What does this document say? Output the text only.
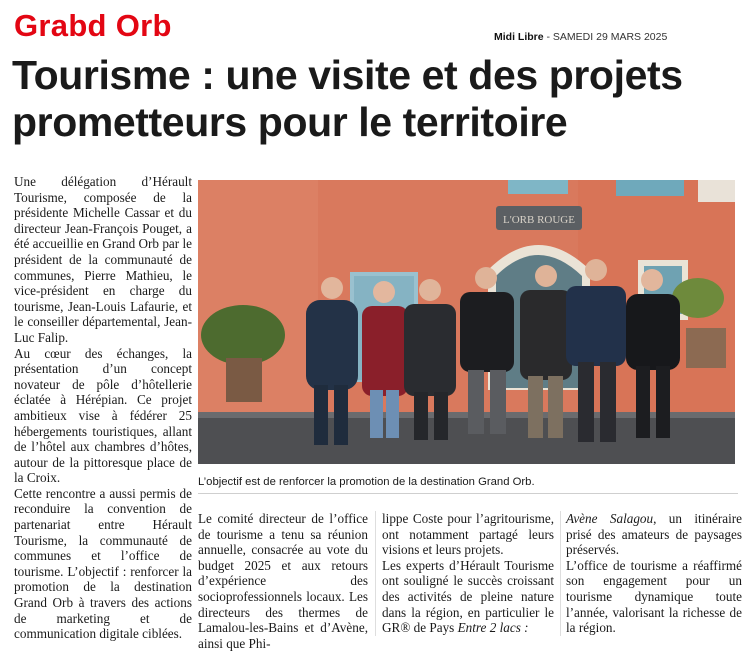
Grabd Orb	Midi Libre - SAMEDI 29 MARS 2025
Tourisme : une visite et des projets prometteurs pour le territoire

Une délégation d’Hérault Tourisme, composée de la présidente Michelle Cassar et du directeur Jean-François Pouget, a été accueillie en Grand Orb par le président de la communauté de communes, Pierre Mathieu, le vice-président en charge du tourisme, Jean-Louis Lafaurie, et le conseiller départemental, Jean-Luc Falip.

Au cœur des échanges, la présentation d’un concept novateur de pôle d’hôtellerie éclatée à Hérépian. Ce projet ambitieux vise à fédérer 25 hébergements touristiques, allant de l’hôtel aux chambres d’hôtes, autour de la pittoresque place de la Croix.

Cette rencontre a aussi permis de reconduire la convention de partenariat entre Hérault Tourisme, la communauté de communes et l’office de tourisme. L’objectif : renforcer la promotion de la destination Grand Orb à travers des actions de marketing et de communication digitale ciblées.

L'ORB ROUGE
L’objectif est de renforcer la promotion de la destination Grand Orb.

Le comité directeur de l’office de tourisme a tenu sa réunion annuelle, consacrée au vote du budget 2025 et aux retours d’expérience des socioprofessionnels locaux. Les directeurs des thermes de Lamalou-les-Bains et d’Avène, ainsi que Phi-

lippe Coste pour l’agritourisme, ont notamment partagé leurs visions et leurs projets.

Les experts d’Hérault Tourisme ont souligné le succès croissant des activités de pleine nature dans la région, en particulier le GR® de Pays Entre 2 lacs :

Avène Salagou, un itinéraire prisé des amateurs de paysages préservés.

L’office de tourisme a réaffirmé son engagement pour un tourisme dynamique toute l’année, valorisant la richesse de la région.
